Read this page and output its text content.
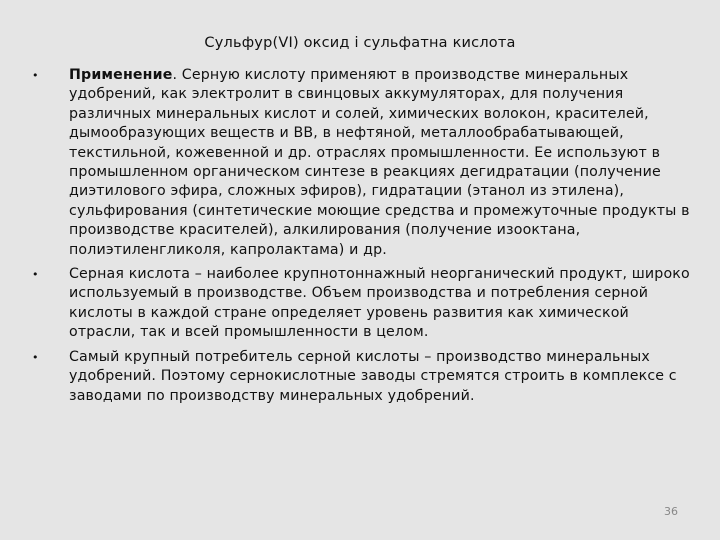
Сульфур(VI) оксид і сульфатна кислота
• Применение. Серную кислоту применяют в производстве минеральных удобрений, как электролит в свинцовых аккумуляторах, для получения различных минеральных кислот и солей, химических волокон, красителей, дымообразующих веществ и ВВ, в нефтяной, металлообрабатывающей, текстильной, кожевенной и др. отраслях промышленности. Ее используют в промышленном органическом синтезе в реакциях дегидратации (получение диэтилового эфира, сложных эфиров), гидратации (этанол из этилена), сульфирования (синтетические моющие средства и промежуточные продукты в производстве красителей), алкилирования (получение изооктана, полиэтиленгликоля, капролактама) и др.
• Серная кислота – наиболее крупнотоннажный неорганический продукт, широко используемый в производстве. Объем производства и потребления серной кислоты в каждой стране определяет уровень развития как химической отрасли, так и всей промышленности в целом.
• Самый крупный потребитель серной кислоты – производство минеральных удобрений. Поэтому сернокислотные заводы стремятся строить в комплексе с заводами по производству минеральных удобрений.
36
